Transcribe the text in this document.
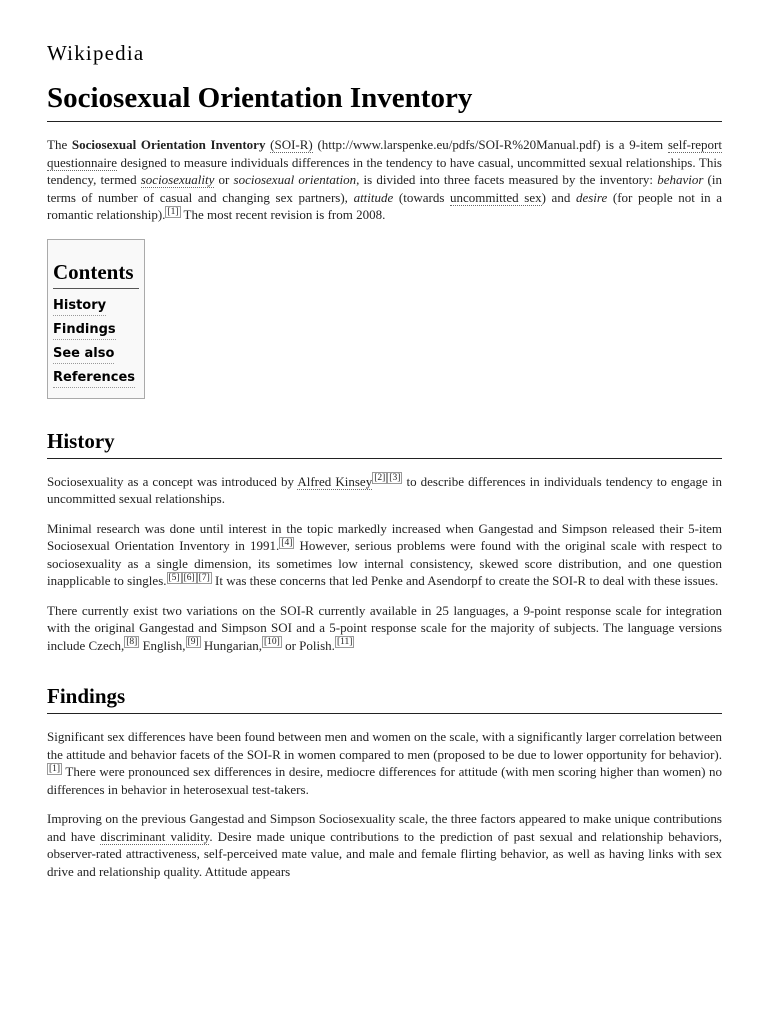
Wikipedia
Sociosexual Orientation Inventory

The Sociosexual Orientation Inventory (SOI-R) (http://www.larspenke.eu/pdfs/SOI-R%20Manual.pdf) is a 9-item self-report questionnaire designed to measure individuals differences in the tendency to have casual, uncommitted sexual relationships. This tendency, termed sociosexuality or sociosexual orientation, is divided into three facets measured by the inventory: behavior (in terms of number of casual and changing sex partners), attitude (towards uncommitted sex) and desire (for people not in a romantic relationship). [1] The most recent revision is from 2008.

Contents
History
Findings
See also
References
History

Sociosexuality as a concept was introduced by Alfred Kinsey [2] [3] to describe differences in individuals tendency to engage in uncommitted sexual relationships.

Minimal research was done until interest in the topic markedly increased when Gangestad and Simpson released their 5-item Sociosexual Orientation Inventory in 1991. [4] However, serious problems were found with the original scale with respect to sociosexuality as a single dimension, its sometimes low internal consistency, skewed score distribution, and one question inapplicable to singles. [5] [6] [7] It was these concerns that led Penke and Asendorpf to create the SOI-R to deal with these issues.

There currently exist two variations on the SOI-R currently available in 25 languages, a 9-point response scale for integration with the original Gangestad and Simpson SOI and a 5-point response scale for the majority of subjects. The language versions include Czech, [8] English, [9] Hungarian, [10] or Polish. [11]

Findings

Significant sex differences have been found between men and women on the scale, with a significantly larger correlation between the attitude and behavior facets of the SOI-R in women compared to men (proposed to be due to lower opportunity for behavior).[1] There were pronounced sex differences in desire, mediocre differences for attitude (with men scoring higher than women) no differences in behavior in heterosexual test-takers.

Improving on the previous Gangestad and Simpson Sociosexuality scale, the three factors appeared to make unique contributions and have discriminant validity. Desire made unique contributions to the prediction of past sexual and relationship behaviors, observer-rated attractiveness, self-perceived mate value, and male and female flirting behavior, as well as having links with sex drive and relationship quality. Attitude appears
